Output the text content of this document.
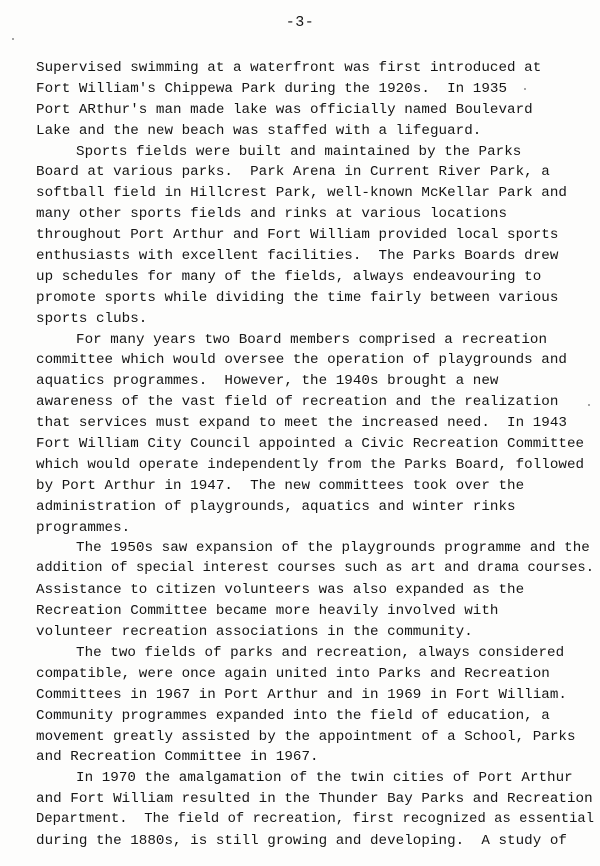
-3-
Supervised swimming at a waterfront was first introduced at
Fort William's Chippewa Park during the 1920s.  In 1935
Port ARthur's man made lake was officially named Boulevard
Lake and the new beach was staffed with a lifeguard.
Sports fields were built and maintained by the Parks
Board at various parks.  Park Arena in Current River Park, a
softball field in Hillcrest Park, well-known McKellar Park and
many other sports fields and rinks at various locations
throughout Port Arthur and Fort William provided local sports
enthusiasts with excellent facilities.  The Parks Boards drew
up schedules for many of the fields, always endeavouring to
promote sports while dividing the time fairly between various
sports clubs.
For many years two Board members comprised a recreation
committee which would oversee the operation of playgrounds and
aquatics programmes.  However, the 1940s brought a new
awareness of the vast field of recreation and the realization
that services must expand to meet the increased need.  In 1943
Fort William City Council appointed a Civic Recreation Committee
which would operate independently from the Parks Board, followed
by Port Arthur in 1947.  The new committees took over the
administration of playgrounds, aquatics and winter rinks
programmes.
The 1950s saw expansion of the playgrounds programme and the
addition of special interest courses such as art and drama courses.
Assistance to citizen volunteers was also expanded as the
Recreation Committee became more heavily involved with
volunteer recreation associations in the community.
The two fields of parks and recreation, always considered
compatible, were once again united into Parks and Recreation
Committees in 1967 in Port Arthur and in 1969 in Fort William.
Community programmes expanded into the field of education, a
movement greatly assisted by the appointment of a School, Parks
and Recreation Committee in 1967.
In 1970 the amalgamation of the twin cities of Port Arthur
and Fort William resulted in the Thunder Bay Parks and Recreation
Department.  The field of recreation, first recognized as essential
during the 1880s, is still growing and developing.  A study of
